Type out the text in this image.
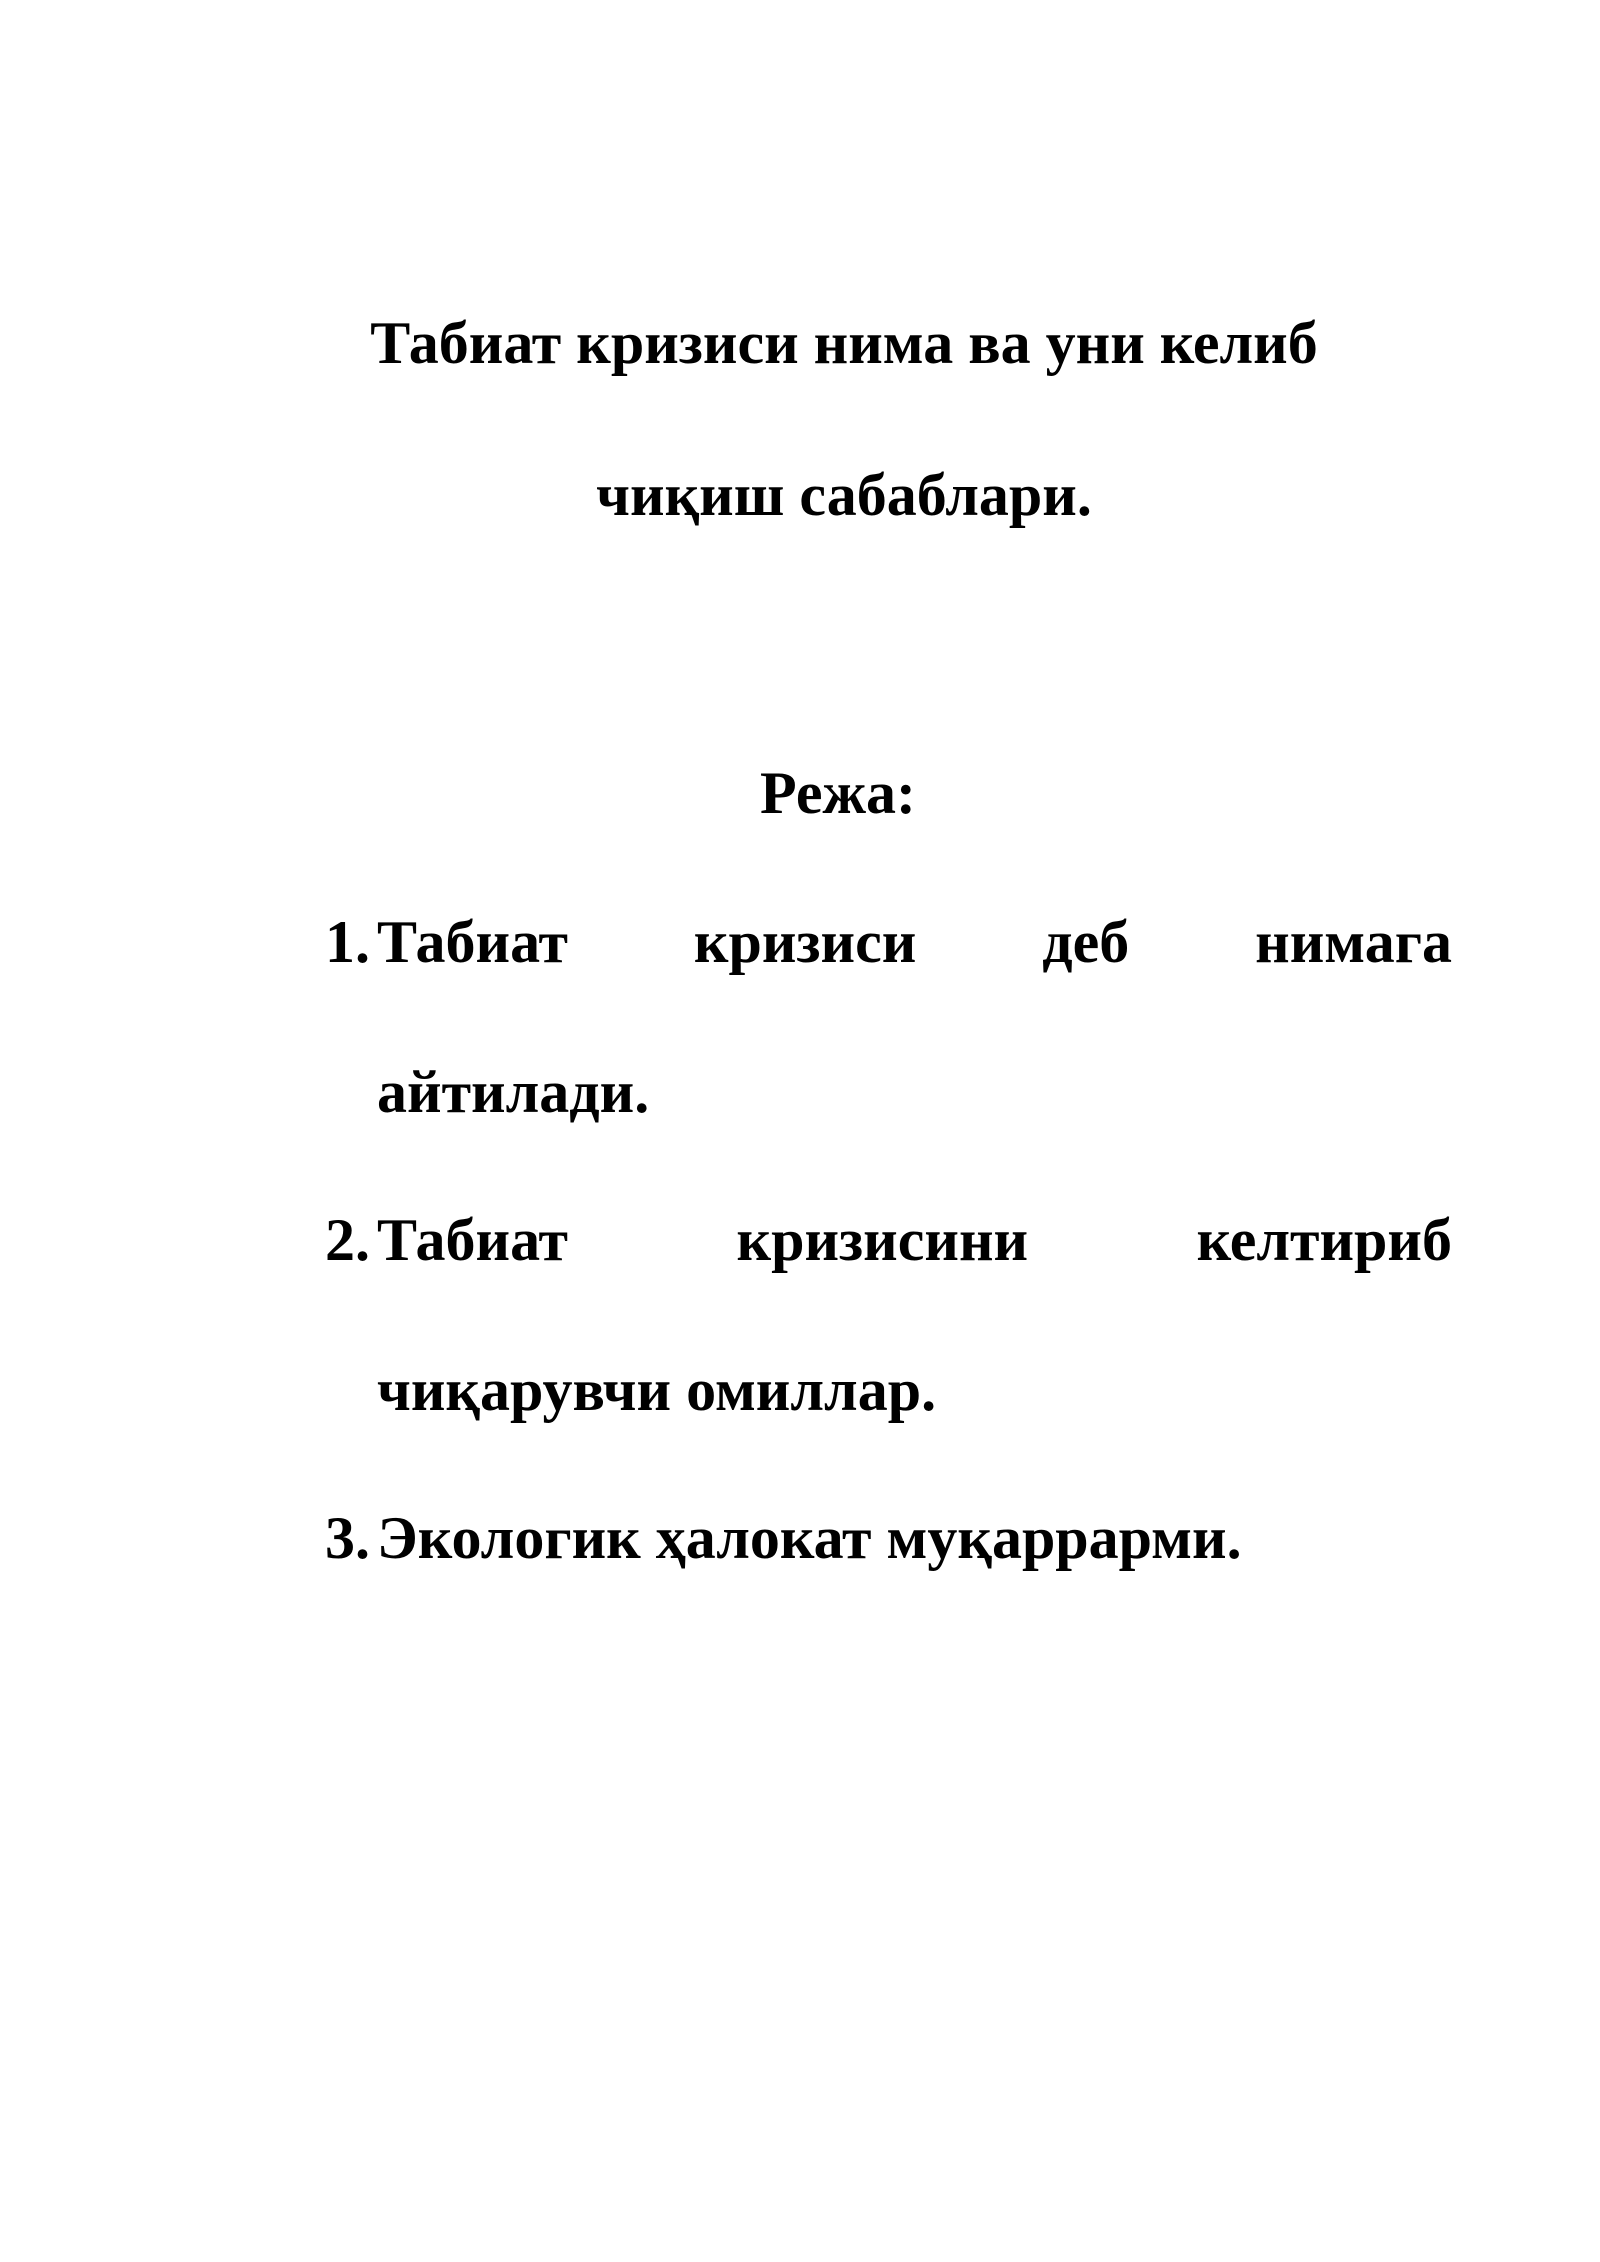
Табиат кризиси нима ва уни келиб
чиқиш сабаблари.
Режа:
1. Табиат кризиси деб нимага
айтилади.
2. Табиат	кризисини	келтириб
чиқарувчи омиллар.
3. Экологик ҳалокат муқаррарми.
